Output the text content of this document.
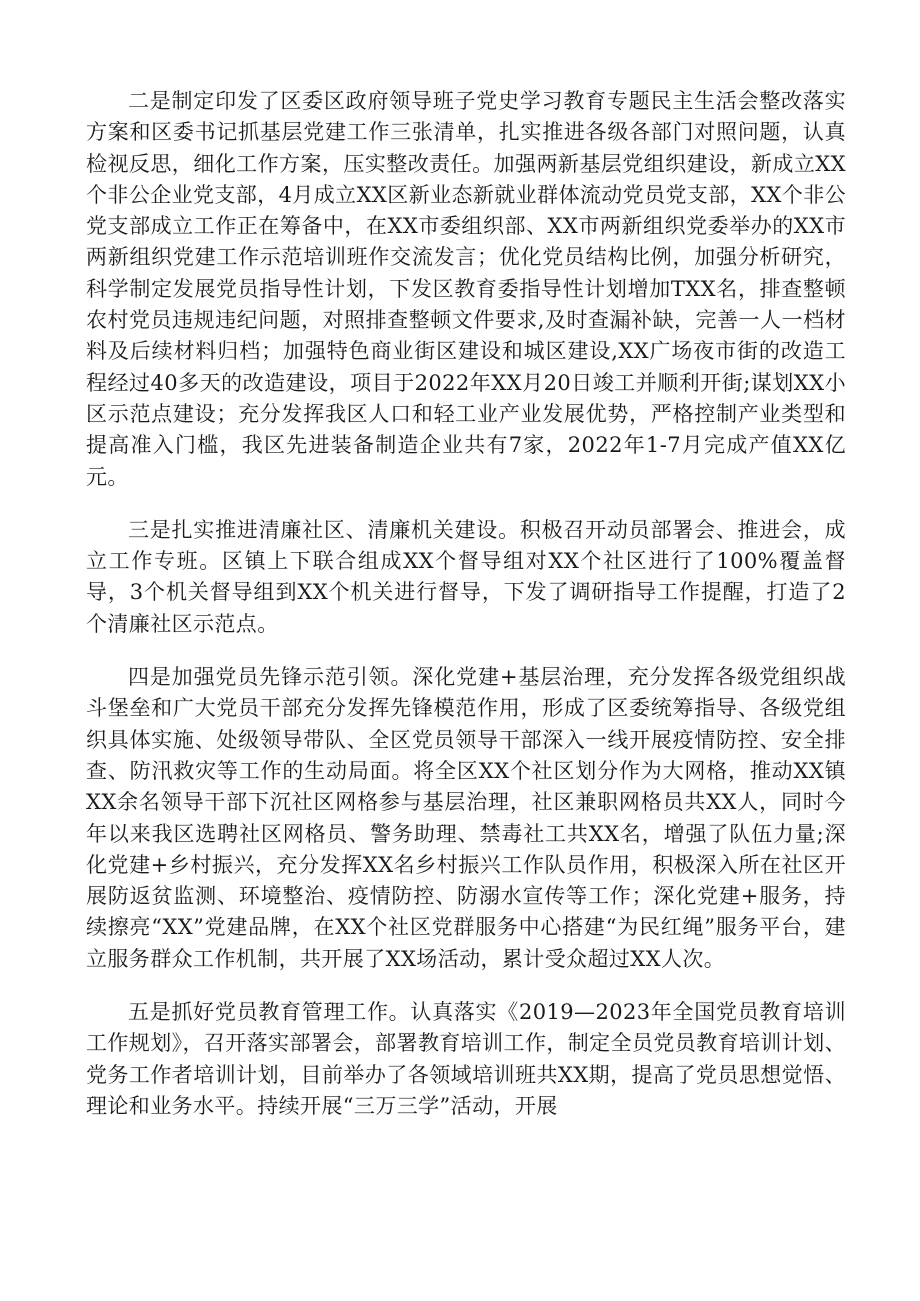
二是制定印发了区委区政府领导班子党史学习教育专题民主生活会整改落实方案和区委书记抓基层党建工作三张清单，扎实推进各级各部门对照问题，认真检视反思，细化工作方案，压实整改责任。加强两新基层党组织建设，新成立XX个非公企业党支部，4月成立XX区新业态新就业群体流动党员党支部，XX个非公党支部成立工作正在筹备中，在XX市委组织部、XX市两新组织党委举办的XX市两新组织党建工作示范培训班作交流发言；优化党员结构比例，加强分析研究，科学制定发展党员指导性计划，下发区教育委指导性计划增加TXX名，排查整顿农村党员违规违纪问题，对照排查整顿文件要求,及时查漏补缺，完善一人一档材料及后续材料归档；加强特色商业街区建设和城区建设,XX广场夜市街的改造工程经过40多天的改造建设，项目于2022年XX月20日竣工并顺利开街;谋划XX小区示范点建设；充分发挥我区人口和轻工业产业发展优势，严格控制产业类型和提高准入门槛，我区先进装备制造企业共有7家，2022年1-7月完成产值XX亿元。

三是扎实推进清廉社区、清廉机关建设。积极召开动员部署会、推进会，成立工作专班。区镇上下联合组成XX个督导组对XX个社区进行了100%覆盖督导，3个机关督导组到XX个机关进行督导，下发了调研指导工作提醒，打造了2个清廉社区示范点。

四是加强党员先锋示范引领。深化党建+基层治理，充分发挥各级党组织战斗堡垒和广大党员干部充分发挥先锋模范作用，形成了区委统筹指导、各级党组织具体实施、处级领导带队、全区党员领导干部深入一线开展疫情防控、安全排查、防汛救灾等工作的生动局面。将全区XX个社区划分作为大网格，推动XX镇XX余名领导干部下沉社区网格参与基层治理，社区兼职网格员共XX人，同时今年以来我区选聘社区网格员、警务助理、禁毒社工共XX名，增强了队伍力量;深化党建+乡村振兴，充分发挥XX名乡村振兴工作队员作用，积极深入所在社区开展防返贫监测、环境整治、疫情防控、防溺水宣传等工作；深化党建+服务，持续擦亮“XX”党建品牌，在XX个社区党群服务中心搭建“为民红绳”服务平台，建立服务群众工作机制，共开展了XX场活动，累计受众超过XX人次。

五是抓好党员教育管理工作。认真落实《2019—2023年全国党员教育培训工作规划》，召开落实部署会，部署教育培训工作，制定全员党员教育培训计划、党务工作者培训计划，目前举办了各领域培训班共XX期，提高了党员思想觉悟、理论和业务水平。持续开展“三万三学”活动，开展
